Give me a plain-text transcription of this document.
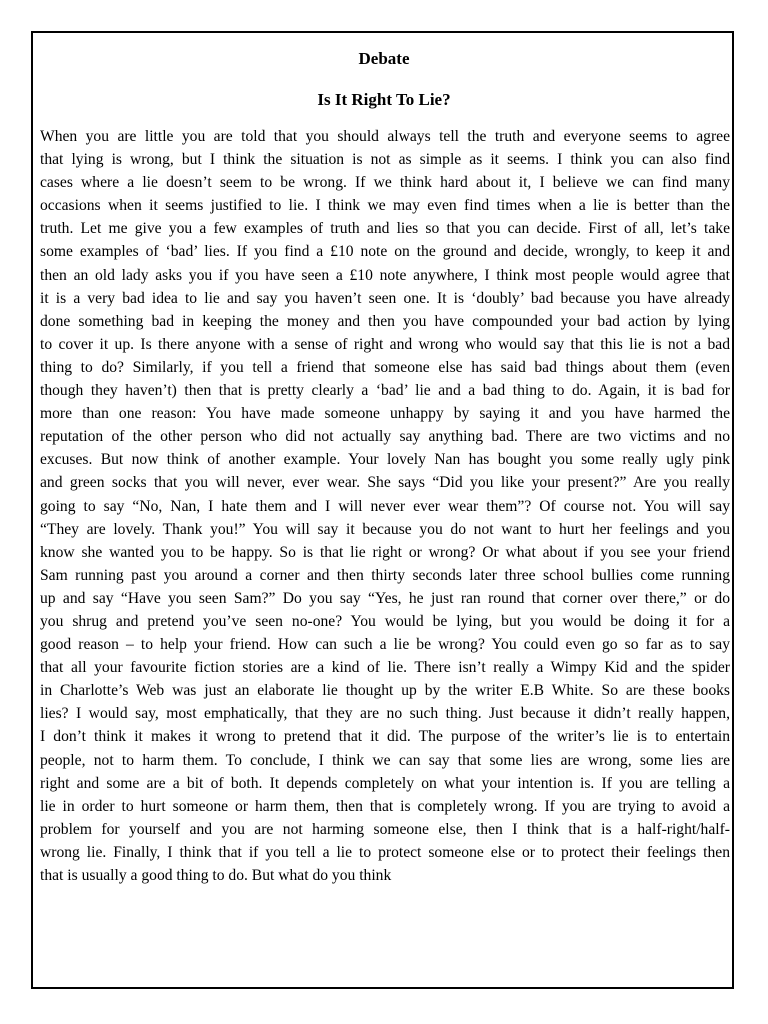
Debate
Is It Right To Lie?
When you are little you are told that you should always tell the truth and everyone seems to agree
that lying is wrong, but I think the situation is not as simple as it seems. I think you can also find
cases where a lie doesn’t seem to be wrong. If we think hard about it, I believe we can find many
occasions when it seems justified to lie. I think we may even find times when a lie is better than the
truth. Let me give you a few examples of truth and lies so that you can decide. First of all, let’s take
some examples of ‘bad’ lies. If you find a £10 note on the ground and decide, wrongly, to keep it and
then an old lady asks you if you have seen a £10 note anywhere, I think most people would agree that
it is a very bad idea to lie and say you haven’t seen one. It is ‘doubly’ bad because you have already
done something bad in keeping the money and then you have compounded your bad action by lying
to cover it up. Is there anyone with a sense of right and wrong who would say that this lie is not a bad
thing to do? Similarly, if you tell a friend that someone else has said bad things about them (even
though they haven’t) then that is pretty clearly a ‘bad’ lie and a bad thing to do. Again, it is bad for
more than one reason: You have made someone unhappy by saying it and you have harmed the
reputation of the other person who did not actually say anything bad. There are two victims and no
excuses. But now think of another example. Your lovely Nan has bought you some really ugly pink
and green socks that you will never, ever wear. She says “Did you like your present?” Are you really
going to say “No, Nan, I hate them and I will never ever wear them”? Of course not. You will say
“They are lovely. Thank you!” You will say it because you do not want to hurt her feelings and you
know she wanted you to be happy. So is that lie right or wrong? Or what about if you see your friend
Sam running past you around a corner and then thirty seconds later three school bullies come running
up and say “Have you seen Sam?” Do you say “Yes, he just ran round that corner over there,” or do
you shrug and pretend you’ve seen no-one? You would be lying, but you would be doing it for a
good reason – to help your friend. How can such a lie be wrong? You could even go so far as to say
that all your favourite fiction stories are a kind of lie. There isn’t really a Wimpy Kid and the spider
in Charlotte’s Web was just an elaborate lie thought up by the writer E.B White. So are these books
lies? I would say, most emphatically, that they are no such thing. Just because it didn’t really happen,
I don’t think it makes it wrong to pretend that it did. The purpose of the writer’s lie is to entertain
people, not to harm them. To conclude, I think we can say that some lies are wrong, some lies are
right and some are a bit of both. It depends completely on what your intention is. If you are telling a
lie in order to hurt someone or harm them, then that is completely wrong. If you are trying to avoid a
problem for yourself and you are not harming someone else, then I think that is a half-right/half-
wrong lie. Finally, I think that if you tell a lie to protect someone else or to protect their feelings then
that is usually a good thing to do. But what do you think
